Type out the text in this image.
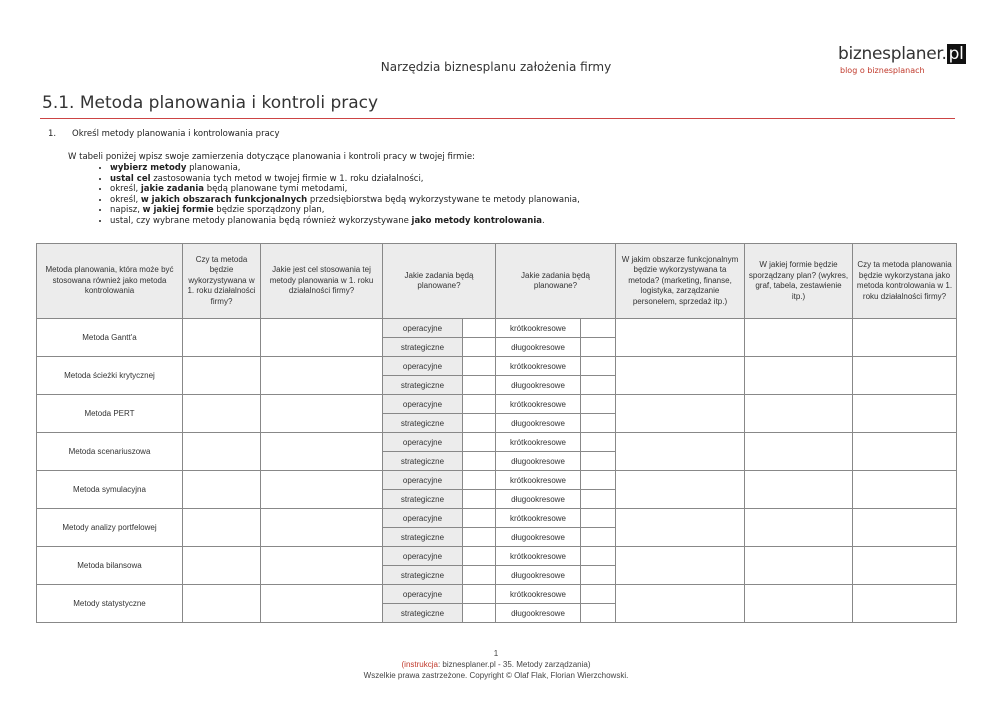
Narzędzia biznesplanu założenia firmy
biznesplaner. pl
blog o biznesplanach
5.1. Metoda planowania i kontroli pracy
1. Określ metody planowania i kontrolowania pracy
W tabeli poniżej wpisz swoje zamierzenia dotyczące planowania i kontroli pracy w twojej firmie:
• wybierz metody planowania,
• ustal cel zastosowania tych metod w twojej firmie w 1. roku działalności,
• określ, jakie zadania będą planowane tymi metodami,
• określ, w jakich obszarach funkcjonalnych przedsiębiorstwa będą wykorzystywane te metody planowania,
• napisz, w jakiej formie będzie sporządzony plan,
• ustal, czy wybrane metody planowania będą również wykorzystywane jako metody kontrolowania.
Metoda planowania, która może być stosowana również jako metoda kontrolowania	Czy ta metoda będzie wykorzystywana w 1. roku działalności firmy?	Jakie jest cel stosowania tej metody planowania w 1. roku działalności firmy?	Jakie zadania będą planowane?		Jakie zadania będą planowane?		W jakim obszarze funkcjonalnym będzie wykorzystywana ta metoda? (marketing, finanse, logistyka, zarządzanie personelem, sprzedaż itp.)	W jakiej formie będzie sporządzany plan? (wykres, graf, tabela, zestawienie itp.)	Czy ta metoda planowania będzie wykorzystana jako metoda kontrolowania w 1. roku działalności firmy?
Metoda Gantt'a			operacyjne		krótkookresowe				
			strategiczne		długookresowe				
Metoda ścieżki krytycznej			operacyjne		krótkookresowe				
			strategiczne		długookresowe				
Metoda PERT			operacyjne		krótkookresowe				
			strategiczne		długookresowe				
Metoda scenariuszowa			operacyjne		krótkookresowe				
			strategiczne		długookresowe				
Metoda symulacyjna			operacyjne		krótkookresowe				
			strategiczne		długookresowe				
Metody analizy portfelowej			operacyjne		krótkookresowe				
			strategiczne		długookresowe				
Metoda bilansowa			operacyjne		krótkookresowe				
			strategiczne		długookresowe				
Metody statystyczne			operacyjne		krótkookresowe				
			strategiczne		długookresowe				
1
(instrukcja: biznesplaner.pl - 35. Metody zarządzania)
Wszelkie prawa zastrzeżone. Copyright © Olaf Flak, Florian Wierzchowski.
